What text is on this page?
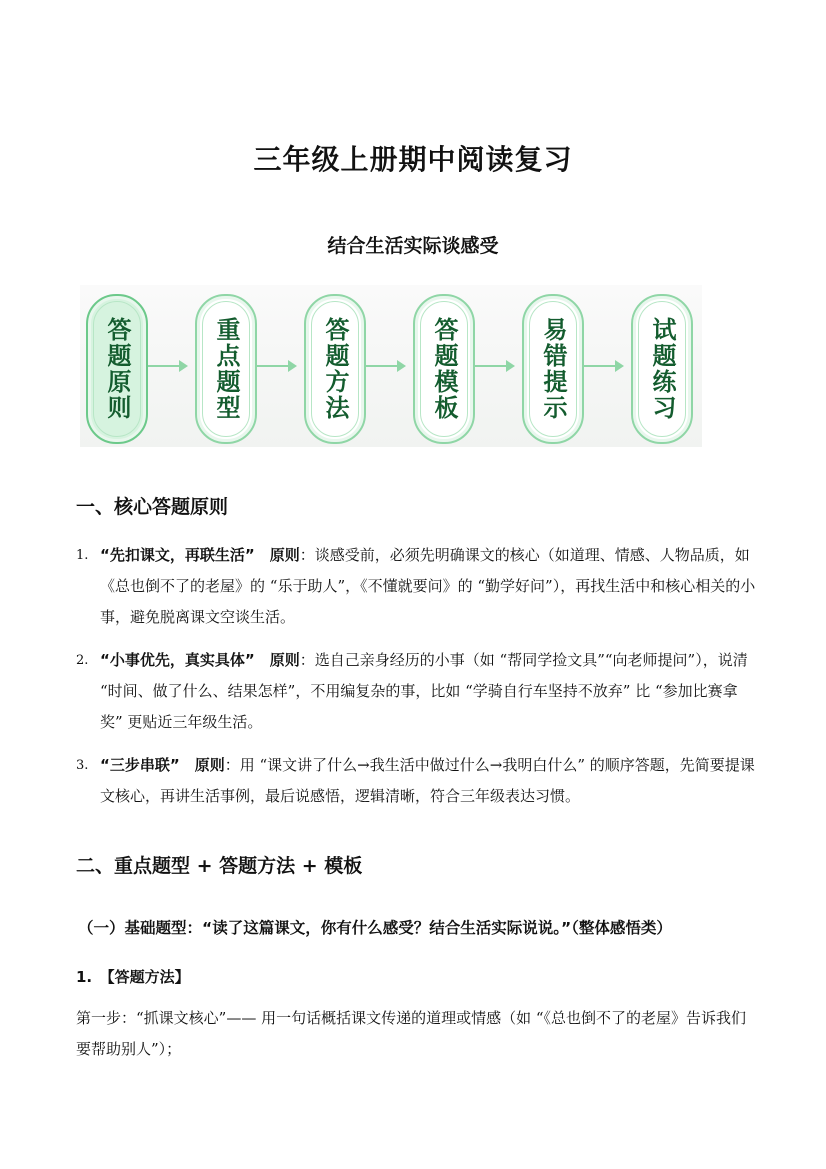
三年级上册期中阅读复习
结合生活实际谈感受
答题原则	重点题型	答题方法	答题模板	易错提示	试题练习
一、核心答题原则
1. “先扣课文，再联生活”　 原则：谈感受前，必须先明确课文的核心（如道理、情感、人物品质，如《总也倒不了的老屋》的 “乐于助人”，《不懂就要问》的 “勤学好问”），再找生活中和核心相关的小事，避免脱离课文空谈生活。
2. “小事优先，真实具体”　 原则：选自己亲身经历的小事（如 “帮同学捡文具”“向老师提问”），说清 “时间、做了什么、结果怎样”，不用编复杂的事，比如 “学骑自行车坚持不放弃” 比 “参加比赛拿奖” 更贴近三年级生活。
3. “三步串联”　 原则：用 “课文讲了什么→我生活中做过什么→我明白什么” 的顺序答题，先简要提课文核心，再讲生活事例，最后说感悟，逻辑清晰，符合三年级表达习惯。
二、重点题型 + 答题方法 + 模板
（一）基础题型：“读了这篇课文，你有什么感受？结合生活实际说说。”（整体感悟类）
1.　【答题方法】
第一步：“抓课文核心”—— 用一句话概括课文传递的道理或情感（如 “《总也倒不了的老屋》告诉我们要帮助别人”）；
